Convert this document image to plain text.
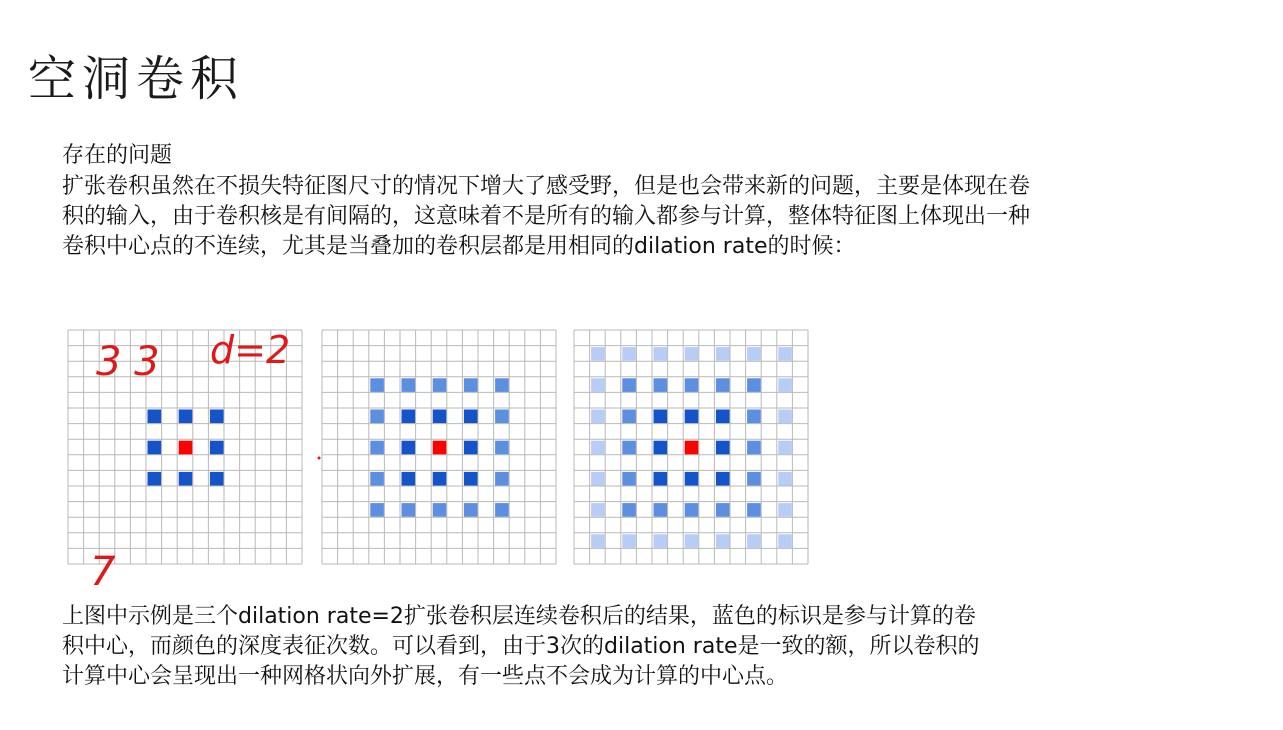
空洞卷积
存在的问题
扩张卷积虽然在不损失特征图尺寸的情况下增大了感受野，但是也会带来新的问题，主要是体现在卷
积的输入，由于卷积核是有间隔的，这意味着不是所有的输入都参与计算，整体特征图上体现出一种
卷积中心点的不连续，尤其是当叠加的卷积层都是用相同的dilation rate的时候：
3 3 d=2
7
上图中示例是三个dilation rate=2扩张卷积层连续卷积后的结果，蓝色的标识是参与计算的卷
积中心，而颜色的深度表征次数。可以看到，由于3次的dilation rate是一致的额，所以卷积的
计算中心会呈现出一种网格状向外扩展，有一些点不会成为计算的中心点。
